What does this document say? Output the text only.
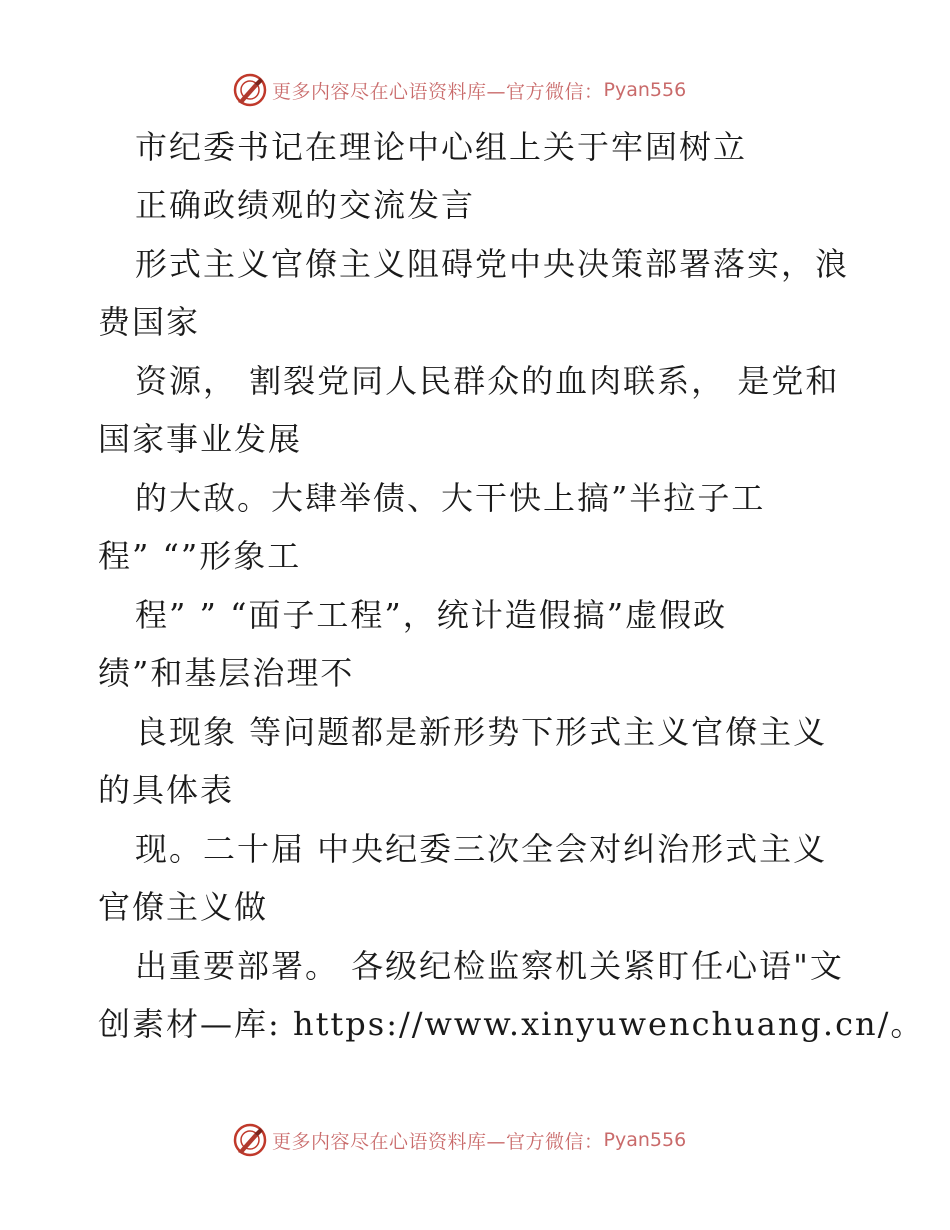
更多内容尽在心语资料库—官方微信： Pyan556

市纪委书记在理论中心组上关于牢固树立

正确政绩观的交流发言

形式主义官僚主义阻碍党中央决策部署落实，浪

费国家

资源， 割裂党同人民群众的血肉联系， 是党和

国家事业发展

的大敌。大肆举债、大干快上搞”半拉子工

程” “”形象工

程” ” “面子工程”，统计造假搞”虚假政

绩”和基层治理不

良现象 等问题都是新形势下形式主义官僚主义

的具体表

现。二十届 中央纪委三次全会对纠治形式主义

官僚主义做

出重要部署。 各级纪检监察机关紧盯任心语"文

创素材—库: https://www.xinyuwenchuang.cn/。

更多内容尽在心语资料库—官方微信： Pyan556
